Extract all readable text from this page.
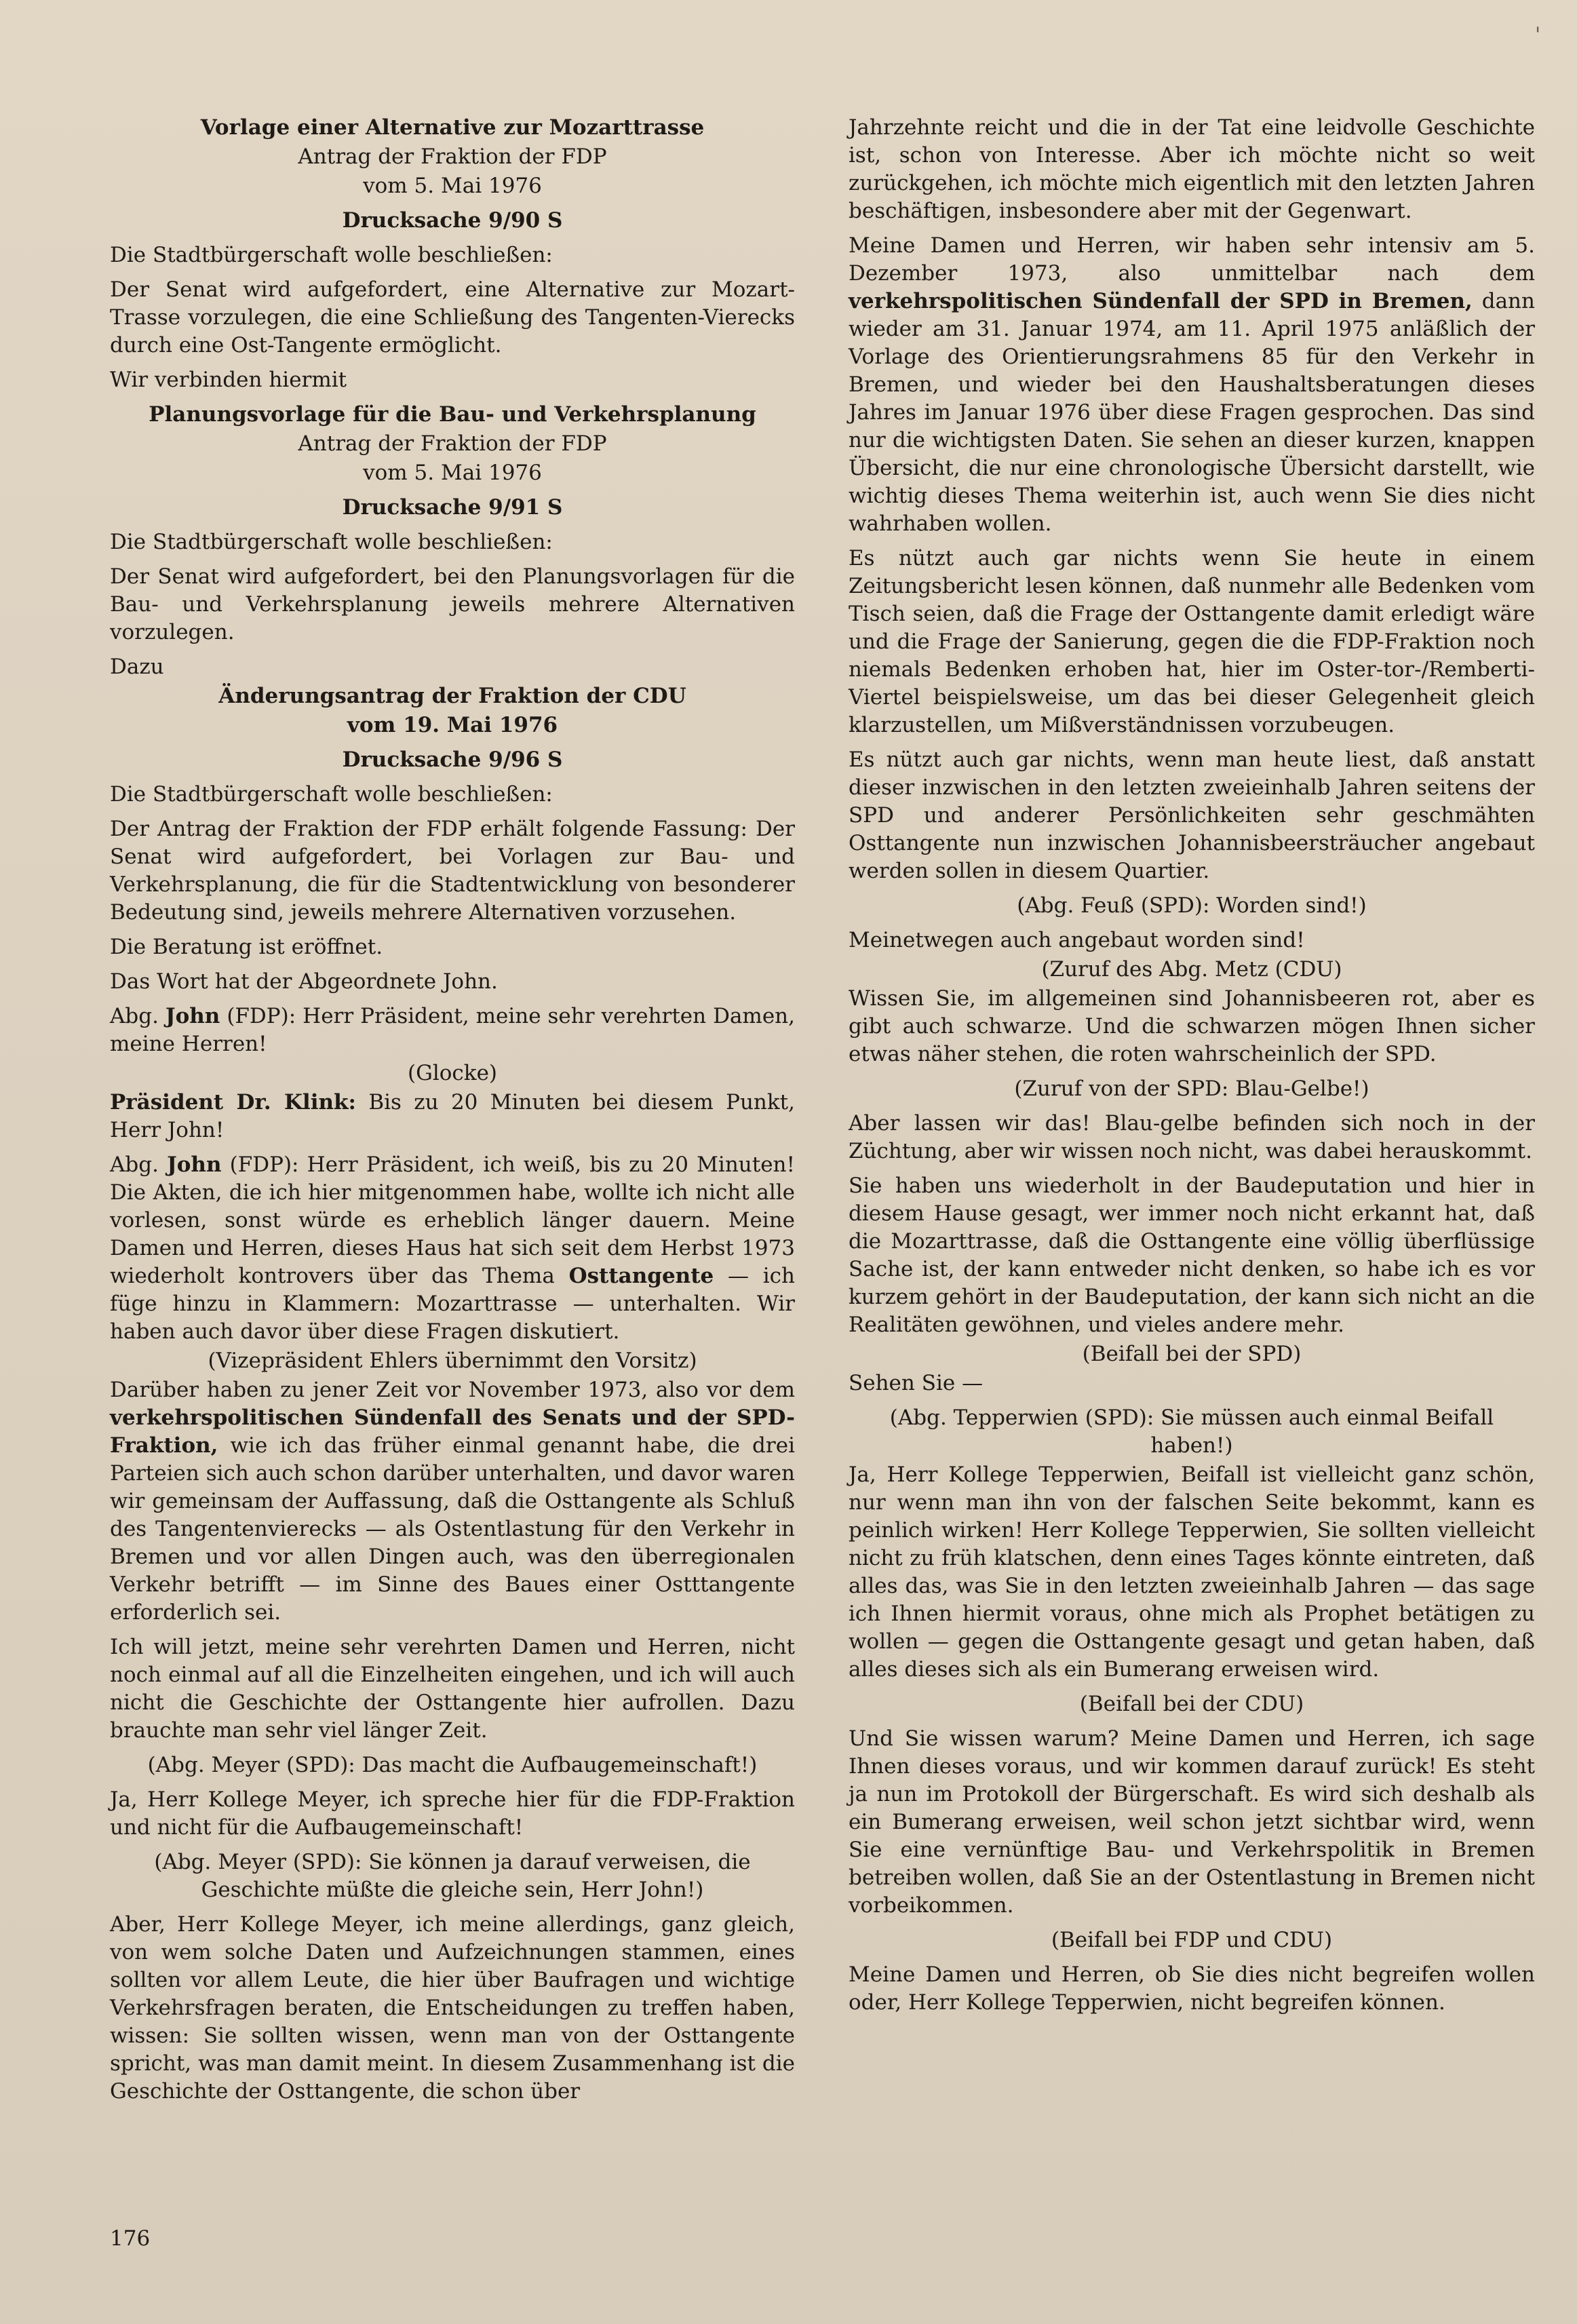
'

Vorlage einer Alternative zur Mozarttrasse

Antrag der Fraktion der FDP

vom 5. Mai 1976

Drucksache 9/90 S

Die Stadtbürgerschaft wolle beschließen:

Der Senat wird aufgefordert, eine Alternative zur Mozart-Trasse vorzulegen, die eine Schließung des Tangenten-Vierecks durch eine Ost-Tangente ermöglicht.

Wir verbinden hiermit

Planungsvorlage für die Bau- und Verkehrsplanung

Antrag der Fraktion der FDP

vom 5. Mai 1976

Drucksache 9/91 S

Die Stadtbürgerschaft wolle beschließen:

Der Senat wird aufgefordert, bei den Planungsvorlagen für die Bau- und Verkehrsplanung jeweils mehrere Alternativen vorzulegen.

Dazu

Änderungsantrag der Fraktion der CDU

vom 19. Mai 1976

Drucksache 9/96 S

Die Stadtbürgerschaft wolle beschließen:

Der Antrag der Fraktion der FDP erhält folgende Fassung: Der Senat wird aufgefordert, bei Vorlagen zur Bau- und Verkehrsplanung, die für die Stadtentwicklung von besonderer Bedeutung sind, jeweils mehrere Alternativen vorzusehen.

Die Beratung ist eröffnet.

Das Wort hat der Abgeordnete John.

Abg. John (FDP): Herr Präsident, meine sehr verehrten Damen, meine Herren!

(Glocke)

Präsident Dr. Klink: Bis zu 20 Minuten bei diesem Punkt, Herr John!

Abg. John (FDP): Herr Präsident, ich weiß, bis zu 20 Minuten! Die Akten, die ich hier mitgenommen habe, wollte ich nicht alle vorlesen, sonst würde es erheblich länger dauern. Meine Damen und Herren, dieses Haus hat sich seit dem Herbst 1973 wiederholt kontrovers über das Thema Osttangente — ich füge hinzu in Klammern: Mozarttrasse — unterhalten. Wir haben auch davor über diese Fragen diskutiert.

(Vizepräsident Ehlers übernimmt den Vorsitz)

Darüber haben zu jener Zeit vor November 1973, also vor dem verkehrspolitischen Sündenfall des Senats und der SPD-Fraktion, wie ich das früher einmal genannt habe, die drei Parteien sich auch schon darüber unterhalten, und davor waren wir gemeinsam der Auffassung, daß die Osttangente als Schluß des Tangentenvierecks — als Ostentlastung für den Verkehr in Bremen und vor allen Dingen auch, was den überregionalen Verkehr betrifft — im Sinne des Baues einer Ostttangente erforderlich sei.

Ich will jetzt, meine sehr verehrten Damen und Herren, nicht noch einmal auf all die Einzelheiten eingehen, und ich will auch nicht die Geschichte der Osttangente hier aufrollen. Dazu brauchte man sehr viel länger Zeit.

(Abg. Meyer (SPD): Das macht die Aufbaugemeinschaft!)

Ja, Herr Kollege Meyer, ich spreche hier für die FDP-Fraktion und nicht für die Aufbaugemeinschaft!

(Abg. Meyer (SPD): Sie können ja darauf verweisen, die Geschichte müßte die gleiche sein, Herr John!)

Aber, Herr Kollege Meyer, ich meine allerdings, ganz gleich, von wem solche Daten und Aufzeichnungen stammen, eines sollten vor allem Leute, die hier über Baufragen und wichtige Verkehrsfragen beraten, die Entscheidungen zu treffen haben, wissen: Sie sollten wissen, wenn man von der Osttangente spricht, was man damit meint. In diesem Zusammenhang ist die Geschichte der Osttangente, die schon über

Jahrzehnte reicht und die in der Tat eine leidvolle Geschichte ist, schon von Interesse. Aber ich möchte nicht so weit zurückgehen, ich möchte mich eigentlich mit den letzten Jahren beschäftigen, insbesondere aber mit der Gegenwart.

Meine Damen und Herren, wir haben sehr intensiv am 5. Dezember 1973, also unmittelbar nach dem verkehrspolitischen Sündenfall der SPD in Bremen, dann wieder am 31. Januar 1974, am 11. April 1975 anläßlich der Vorlage des Orientierungsrahmens 85 für den Verkehr in Bremen, und wieder bei den Haushaltsberatungen dieses Jahres im Januar 1976 über diese Fragen gesprochen. Das sind nur die wichtigsten Daten. Sie sehen an dieser kurzen, knappen Übersicht, die nur eine chronologische Übersicht darstellt, wie wichtig dieses Thema weiterhin ist, auch wenn Sie dies nicht wahrhaben wollen.

Es nützt auch gar nichts wenn Sie heute in einem Zeitungsbericht lesen können, daß nunmehr alle Bedenken vom Tisch seien, daß die Frage der Osttangente damit erledigt wäre und die Frage der Sanierung, gegen die die FDP-Fraktion noch niemals Bedenken erhoben hat, hier im Oster-tor-/Remberti-Viertel beispielsweise, um das bei dieser Gelegenheit gleich klarzustellen, um Mißverständnissen vorzubeugen.

Es nützt auch gar nichts, wenn man heute liest, daß anstatt dieser inzwischen in den letzten zweieinhalb Jahren seitens der SPD und anderer Persönlichkeiten sehr geschmähten Osttangente nun inzwischen Johannisbeersträucher angebaut werden sollen in diesem Quartier.

(Abg. Feuß (SPD): Worden sind!)

Meinetwegen auch angebaut worden sind!

(Zuruf des Abg. Metz (CDU)

Wissen Sie, im allgemeinen sind Johannisbeeren rot, aber es gibt auch schwarze. Und die schwarzen mögen Ihnen sicher etwas näher stehen, die roten wahrscheinlich der SPD.

(Zuruf von der SPD: Blau-Gelbe!)

Aber lassen wir das! Blau-gelbe befinden sich noch in der Züchtung, aber wir wissen noch nicht, was dabei herauskommt.

Sie haben uns wiederholt in der Baudeputation und hier in diesem Hause gesagt, wer immer noch nicht erkannt hat, daß die Mozarttrasse, daß die Osttangente eine völlig überflüssige Sache ist, der kann entweder nicht denken, so habe ich es vor kurzem gehört in der Baudeputation, der kann sich nicht an die Realitäten gewöhnen, und vieles andere mehr.

(Beifall bei der SPD)

Sehen Sie —

(Abg. Tepperwien (SPD): Sie müssen auch einmal Beifall haben!)

Ja, Herr Kollege Tepperwien, Beifall ist vielleicht ganz schön, nur wenn man ihn von der falschen Seite bekommt, kann es peinlich wirken! Herr Kollege Tepperwien, Sie sollten vielleicht nicht zu früh klatschen, denn eines Tages könnte eintreten, daß alles das, was Sie in den letzten zweieinhalb Jahren — das sage ich Ihnen hiermit voraus, ohne mich als Prophet betätigen zu wollen — gegen die Osttangente gesagt und getan haben, daß alles dieses sich als ein Bumerang erweisen wird.

(Beifall bei der CDU)

Und Sie wissen warum? Meine Damen und Herren, ich sage Ihnen dieses voraus, und wir kommen darauf zurück! Es steht ja nun im Protokoll der Bürgerschaft. Es wird sich deshalb als ein Bumerang erweisen, weil schon jetzt sichtbar wird, wenn Sie eine vernünftige Bau- und Verkehrspolitik in Bremen betreiben wollen, daß Sie an der Ostentlastung in Bremen nicht vorbeikommen.

(Beifall bei FDP und CDU)

Meine Damen und Herren, ob Sie dies nicht begreifen wollen oder, Herr Kollege Tepperwien, nicht begreifen können.

176
